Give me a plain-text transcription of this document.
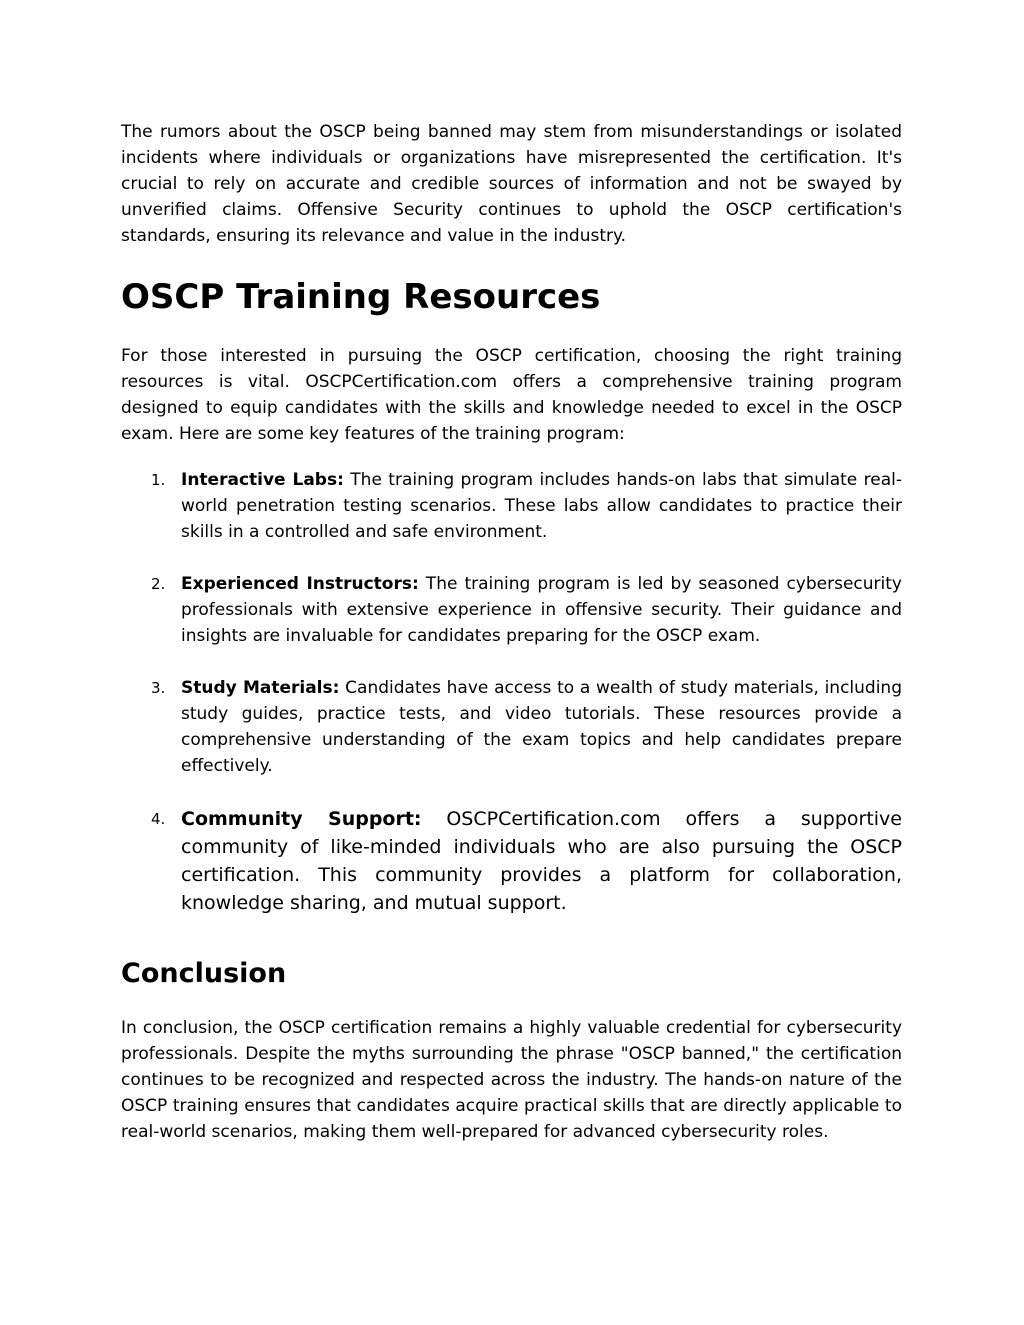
The rumors about the OSCP being banned may stem from misunderstandings or isolated incidents where individuals or organizations have misrepresented the certification. It's crucial to rely on accurate and credible sources of information and not be swayed by unverified claims. Offensive Security continues to uphold the OSCP certification's standards, ensuring its relevance and value in the industry.

OSCP Training Resources

For those interested in pursuing the OSCP certification, choosing the right training resources is vital. OSCPCertification.com offers a comprehensive training program designed to equip candidates with the skills and knowledge needed to excel in the OSCP exam. Here are some key features of the training program:

1. Interactive Labs: The training program includes hands-on labs that simulate real-world penetration testing scenarios. These labs allow candidates to practice their skills in a controlled and safe environment.
2. Experienced Instructors: The training program is led by seasoned cybersecurity professionals with extensive experience in offensive security. Their guidance and insights are invaluable for candidates preparing for the OSCP exam.
3. Study Materials: Candidates have access to a wealth of study materials, including study guides, practice tests, and video tutorials. These resources provide a comprehensive understanding of the exam topics and help candidates prepare effectively.
4. Community Support: OSCPCertification.com offers a supportive community of like-minded individuals who are also pursuing the OSCP certification. This community provides a platform for collaboration, knowledge sharing, and mutual support.
Conclusion

In conclusion, the OSCP certification remains a highly valuable credential for cybersecurity professionals. Despite the myths surrounding the phrase "OSCP banned," the certification continues to be recognized and respected across the industry. The hands-on nature of the OSCP training ensures that candidates acquire practical skills that are directly applicable to real-world scenarios, making them well-prepared for advanced cybersecurity roles.
